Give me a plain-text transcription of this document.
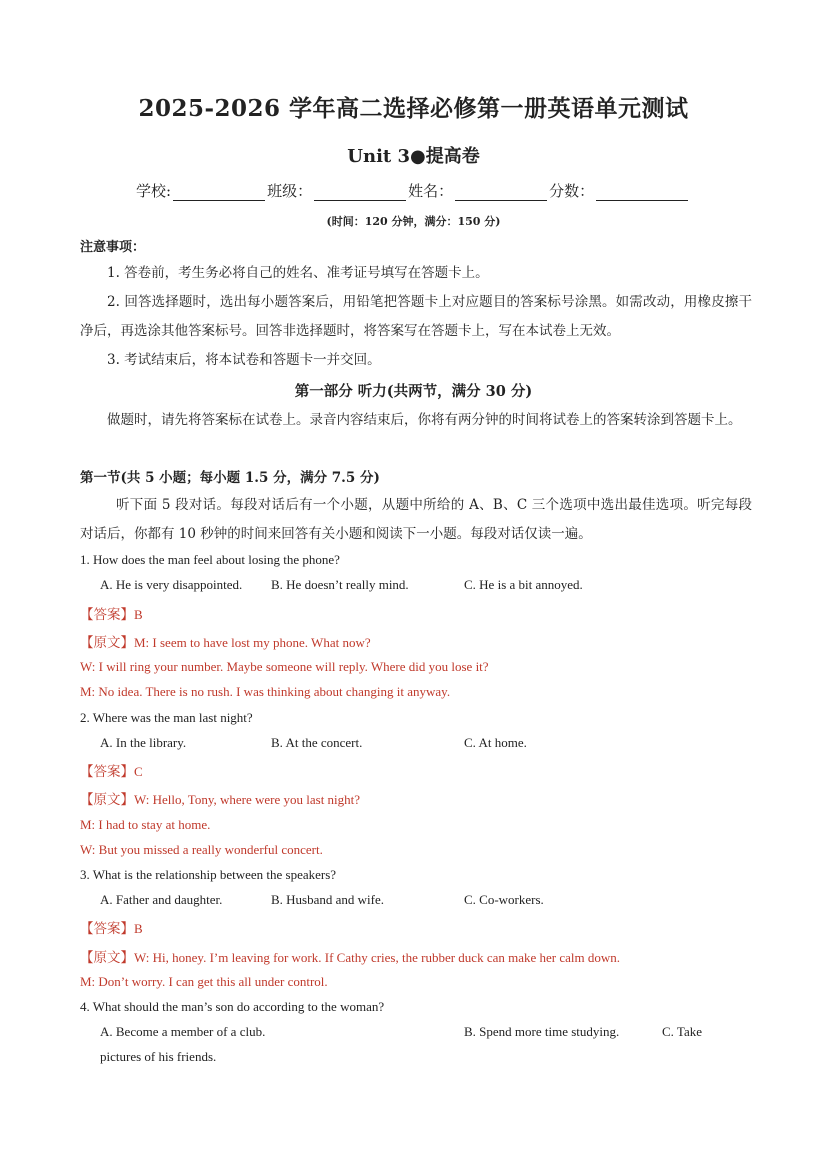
2025-2026 学年高二选择必修第一册英语单元测试
Unit 3●提高卷
学校:	班级：	姓名：	分数：
(时间：120 分钟，满分：150 分)
注意事项：
1. 答卷前，考生务必将自己的姓名、准考证号填写在答题卡上。
2. 回答选择题时，选出每小题答案后，用铅笔把答题卡上对应题目的答案标号涂黑。如需改动，用橡皮擦干净后，再选涂其他答案标号。回答非选择题时，将答案写在答题卡上，写在本试卷上无效。
3. 考试结束后，将本试卷和答题卡一并交回。
第一部分 听力(共两节，满分 30 分)
做题时，请先将答案标在试卷上。录音内容结束后，你将有两分钟的时间将试卷上的答案转涂到答题卡上。
第一节(共 5 小题；每小题 1.5 分，满分 7.5 分)
听下面 5 段对话。每段对话后有一个小题，从题中所给的 A、B、C 三个选项中选出最佳选项。听完每段对话后，你都有 10 秒钟的时间来回答有关小题和阅读下一小题。每段对话仅读一遍。
1. How does the man feel about losing the phone?
A. He is very disappointed. B. He doesn’t really mind.	C. He is a bit annoyed.
【答案】B
【原文】M: I seem to have lost my phone. What now?
W: I will ring your number. Maybe someone will reply. Where did you lose it?
M: No idea. There is no rush. I was thinking about changing it anyway.
2. Where was the man last night?
A. In the library.	B. At the concert.	C. At home.
【答案】C
【原文】W: Hello, Tony, where were you last night?
M: I had to stay at home.
W: But you missed a really wonderful concert.
3. What is the relationship between the speakers?
A. Father and daughter.	B. Husband and wife.	C. Co-workers.
【答案】B
【原文】W: Hi, honey. I’m leaving for work. If Cathy cries, the rubber duck can make her calm down.
M: Don’t worry. I can get this all under control.
4. What should the man’s son do according to the woman?
A. Become a member of a club.	B. Spend more time studying.	C. Take
pictures of his friends.
